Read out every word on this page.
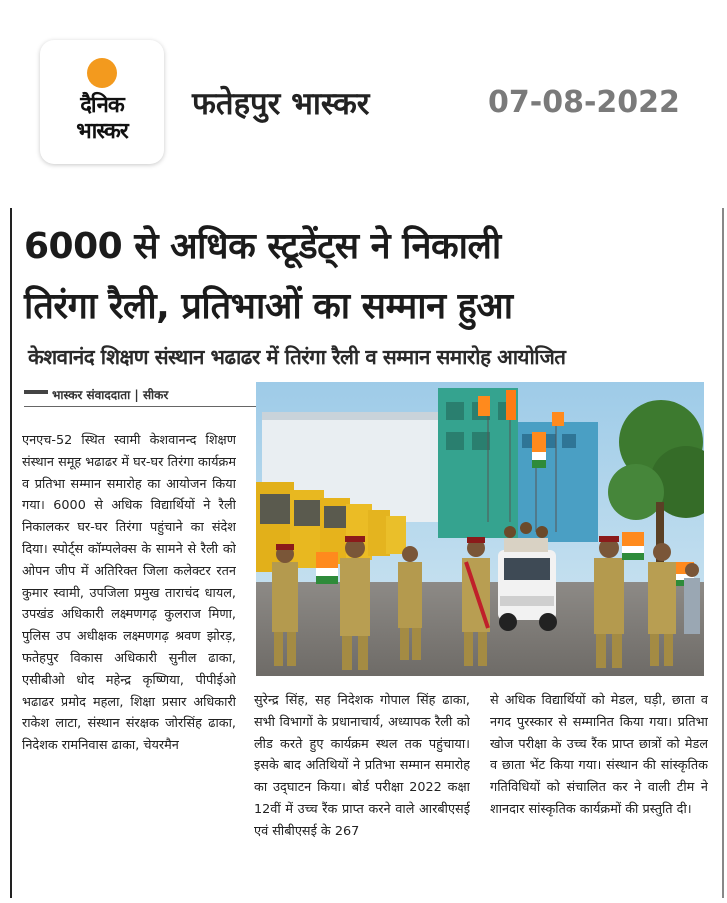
दैनिक
भास्कर
फतेहपुर भास्कर	07-08-2022
6000 से अधिक स्टूडेंट्स ने निकाली
तिरंगा रैली, प्रतिभाओं का सम्मान हुआ
केशवानंद शिक्षण संस्थान भढाढर में तिरंगा रैली व सम्मान समारोह आयोजित
भास्कर संवाददाता | सीकर

एनएच-52 स्थित स्वामी केशवानन्द शिक्षण संस्थान समूह भढाढर में घर-घर तिरंगा कार्यक्रम व प्रतिभा सम्मान समारोह का आयोजन किया गया। 6000 से अधिक विद्यार्थियों ने रैली निकालकर घर-घर तिरंगा पहुंचाने का संदेश दिया। स्पोर्ट्स कॉम्पलेक्स के सामने से रैली को ओपन जीप में अतिरिक्त जिला कलेक्टर रतन कुमार स्वामी, उपजिला प्रमुख ताराचंद धायल, उपखंड अधिकारी लक्ष्मणगढ़ कुलराज मिणा, पुलिस उप अधीक्षक लक्ष्मणगढ़ श्रवण झोरड़, फतेहपुर विकास अधिकारी सुनील ढाका, एसीबीओ धोद महेन्द्र कृष्णिया, पीपीईओ भढाढर प्रमोद महला, शिक्षा प्रसार अधिकारी राकेश लाटा, संस्थान संरक्षक जोरसिंह ढाका, निदेशक रामनिवास ढाका, चेयरमैन

सुरेन्द्र सिंह, सह निदेशक गोपाल सिंह ढाका, सभी विभागों के प्रधानाचार्य, अध्यापक रैली को लीड करते हुए कार्यक्रम स्थल तक पहुंचाया। इसके बाद अतिथियों ने प्रतिभा सम्मान समारोह का उद्‌घाटन किया। बोर्ड परीक्षा 2022 कक्षा 12वीं में उच्च रैंक प्राप्त करने वाले आरबीएसई एवं सीबीएसई के 267

से अधिक विद्यार्थियों को मेडल, घड़ी, छाता व नगद पुरस्कार से सम्मानित किया गया। प्रतिभा खोज परीक्षा के उच्च रैंक प्राप्त छात्रों को मेडल व छाता भेंट किया गया। संस्थान की सांस्कृतिक गतिविधियों को संचालित कर ने वाली टीम ने शानदार सांस्कृतिक कार्यक्रमों की प्रस्तुति दी।
